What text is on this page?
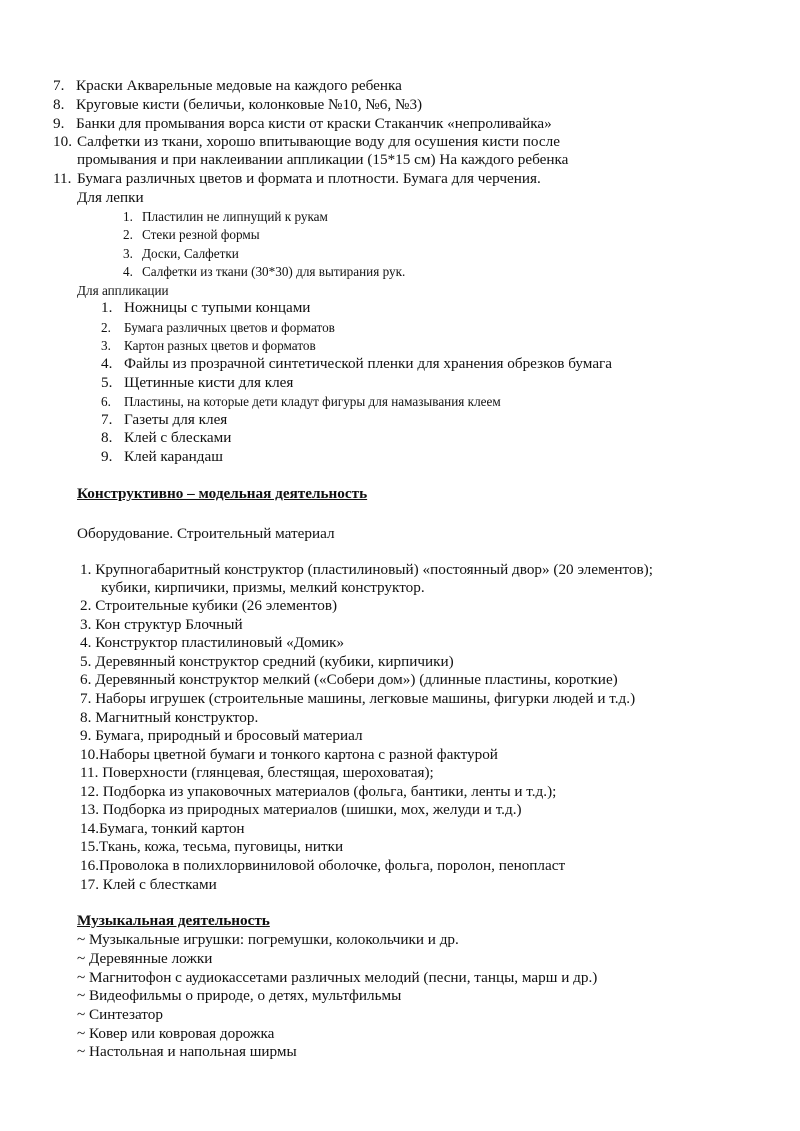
7. Краски Акварельные медовые на каждого ребенка
8. Круговые кисти (беличьи, колонковые №10, №6, №3)
9. Банки для промывания ворса кисти от краски Стаканчик «непроливайка»
10. Салфетки из ткани, хорошо впитывающие воду для осушения кисти после
промывания и при наклеивании аппликации (15*15 см) На каждого ребенка
11. Бумага различных цветов и формата и плотности. Бумага для черчения.
Для лепки
1. Пластилин не липнущий к рукам
2. Стеки резной формы
3. Доски, Салфетки
4. Салфетки из ткани (30*30) для вытирания рук.
Для аппликации
1. Ножницы с тупыми концами
2. Бумага различных цветов и форматов
3. Картон разных цветов и форматов
4. Файлы из прозрачной синтетической пленки для хранения обрезков бумага
5. Щетинные кисти для клея
6. Пластины, на которые дети кладут фигуры для намазывания клеем
7. Газеты для клея
8. Клей с блесками
9. Клей карандаш
Конструктивно – модельная деятельность
Оборудование. Строительный материал
1. Крупногабаритный конструктор (пластилиновый) «постоянный двор» (20 элементов);
кубики, кирпичики, призмы, мелкий конструктор.
2. Строительные кубики (26 элементов)
3. Кон структур Блочный
4. Конструктор пластилиновый «Домик»
5. Деревянный конструктор средний (кубики, кирпичики)
6. Деревянный конструктор мелкий («Собери дом») (длинные пластины, короткие)
7. Наборы игрушек (строительные машины, легковые машины, фигурки людей и т.д.)
8. Магнитный конструктор.
9. Бумага, природный и бросовый материал
10.Наборы цветной бумаги и тонкого картона с разной фактурой
11. Поверхности (глянцевая, блестящая, шероховатая);
12. Подборка из упаковочных материалов (фольга, бантики, ленты и т.д.);
13. Подборка из природных материалов (шишки, мох, желуди и т.д.)
14.Бумага, тонкий картон
15.Ткань, кожа, тесьма, пуговицы, нитки
16.Проволока в полихлорвиниловой оболочке, фольга, поролон, пенопласт
17. Клей с блестками
Музыкальная деятельность
~ Музыкальные игрушки: погремушки, колокольчики и др.
~ Деревянные ложки
~ Магнитофон с аудиокассетами различных мелодий (песни, танцы, марш и др.)
~ Видеофильмы о природе, о детях, мультфильмы
~ Синтезатор
~ Ковер или ковровая дорожка
~ Настольная и напольная ширмы
